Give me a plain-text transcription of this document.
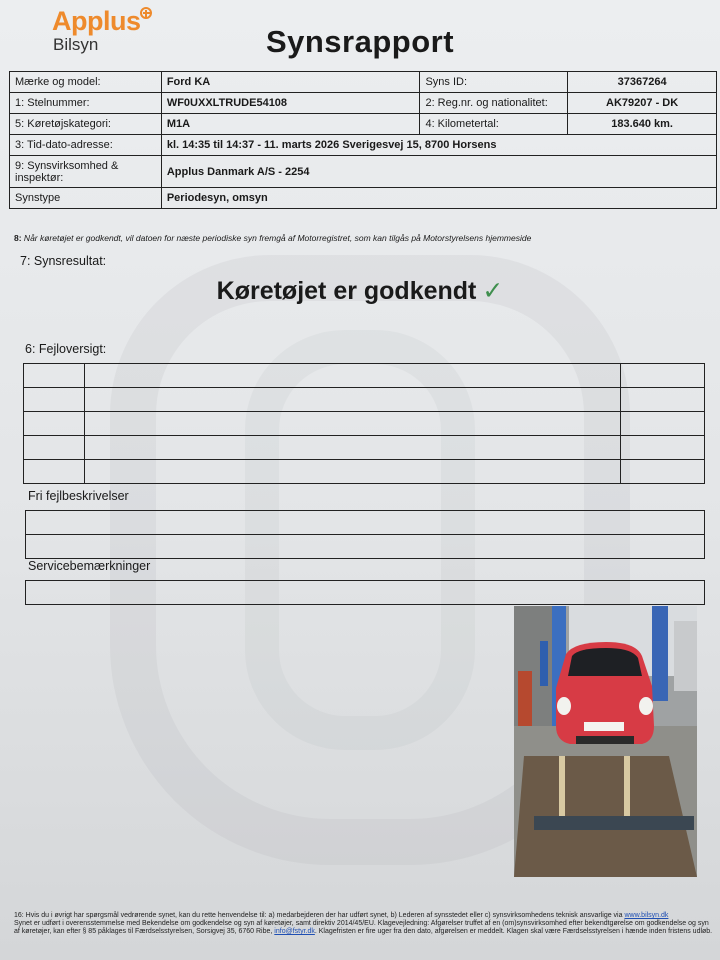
Applus
Bilsyn	Synsrapport
Mærke og model:	Ford KA	Syns ID:	37367264
1: Stelnummer:	WF0UXXLTRUDE54108	2: Reg.nr. og nationalitet:	AK79207 - DK
5: Køretøjskategori:	M1A	4: Kilometertal:	183.640 km.
3: Tid-dato-adresse:	kl. 14:35 til 14:37 - 11. marts 2026 Sverigesvej 15, 8700 Horsens		
9: Synsvirksomhed & inspektør:	Applus Danmark A/S - 2254		
Synstype	Periodesyn, omsyn		
8: Når køretøjet er godkendt, vil datoen for næste periodiske syn fremgå af Motorregistret, som kan tilgås på Motorstyrelsens hjemmeside
7: Synsresultat:
Køretøjet er godkendt ✓
6: Fejloversigt:

Fri fejlbeskrivelser

Servicebemærkninger

16: Hvis du i øvrigt har spørgsmål vedrørende synet, kan du rette henvendelse til: a) medarbejderen der har udført synet, b) Lederen af synsstedet eller c) synsvirksomhedens teknisk ansvarlige via www.bilsyn.dk

Synet er udført i overensstemmelse med Bekendelse om godkendelse og syn af køretøjer, samt direktiv 2014/45/EU. Klagevejledning: Afgørelser truffet af en (om)synsvirksomhed efter bekendtgørelse om godkendelse og syn af køretøjer, kan efter § 85 påklages til Færdselsstyrelsen, Sorsigvej 35, 6760 Ribe, info@fstyr.dk. Klagefristen er fire uger fra den dato, afgørelsen er meddelt. Klagen skal være Færdselsstyrelsen i hænde inden fristens udløb.
